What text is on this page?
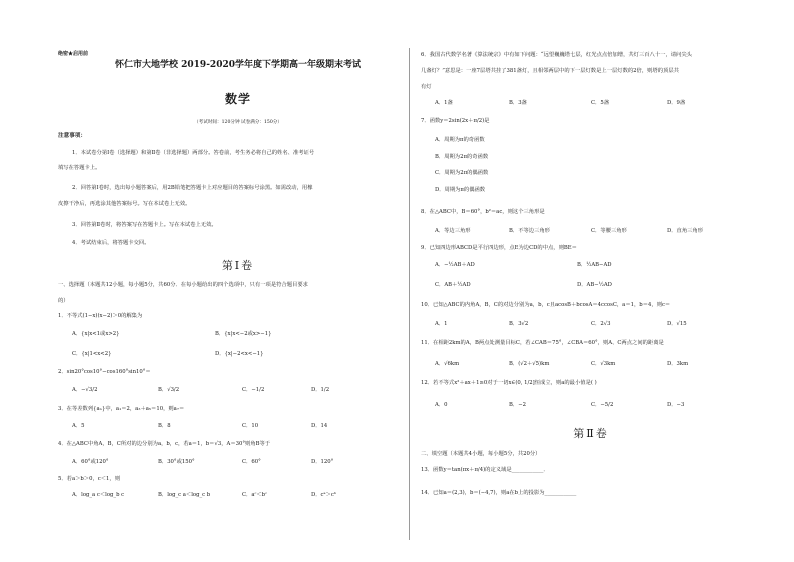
绝密★启用前
怀仁市大地学校 2019-2020学年度下学期高一年级期末考试
数学
（考试时间：120分钟 试卷满分：150分）
注意事项：
1．本试卷分第Ⅰ卷（选择题）和第Ⅱ卷（非选择题）两部分。答卷前，考生务必将自己的姓名、准考证号
填写在答题卡上。
2．回答第Ⅰ卷时，选出每小题答案后，用2B铅笔把答题卡上对应题目的答案标号涂黑。如需改动，用橡
皮擦干净后，再选涂其他答案标号。写在本试卷上无效。
3．回答第Ⅱ卷时，将答案写在答题卡上。写在本试卷上无效。
4．考试结束后，将答题卡交回。
第Ⅰ卷
一、选择题（本题共12小题，每小题5分，共60分．在每小题给出的四个选项中，只有一项是符合题目要求
的）
1．不等式(1−x)(x−2)＞0的解集为
A．{x|x<1或x>2}	B．{x|x<−2或x>−1}
C．{x|1<x<2}	D．{x|−2<x<−1}
2．sin20°cos10°−cos160°sin10°＝
A．−√3/2	B．√3/2	C．−1/2	D．1/2
3．在等差数列{aₙ}中，a₁＝2，a₃＋a₅＝10，则a₇＝
A．5	B．8	C．10	D．14
4．在△ABC中角A，B，C所对的边分别为a，b，c，若a＝1，b＝√3，A＝30°则角B等于
A．60°或120°	B．30°或150°	C．60°	D．120°
5．若a＞b＞0，c＜1，则
A．log_a c＜log_b c	B．log_c a＜log_c b	C．aᶜ＜bᶜ	D．cᵃ＞cᵇ
6．我国古代数学名著《算法统宗》中有如下问题：“远望巍巍塔七层，红光点点倍加增，共灯三百八十一，请问尖头
几盏灯？”意思是：一座7层塔共挂了381盏灯，且相邻两层中的下一层灯数是上一层灯数的2倍，则塔的顶层共
有灯
A．1盏	B．3盏	C．5盏	D．9盏
7．函数y＝2sin(2x＋π/2)是
A．周期为π的奇函数
B．周期为2π的奇函数
C．周期为2π的偶函数
D．周期为π的偶函数
8．在△ABC中，B＝60°，b²＝ac，则这个三角形是
A．等边三角形	B．不等边三角形	C．等腰三角形	D．直角三角形
9．已知四边形ABCD是平行四边形，点E为边CD的中点，则BE＝
A．−½AB＋AD	B．½AB−AD
C．AB＋½AD	D．AB−½AD
10．已知△ABC的内角A，B，C的对边分别为a，b，c且acosB＋bcosA＝4ccosC，a＝1，b＝4，则c＝
A．1	B．3√2	C．2√3	D．√15
11．在相距2km的A，B两点处测量目标C，若∠CAB＝75°，∠CBA＝60°，则A、C两点之间的距离是
A．√6km	B．(√2＋√5)km	C．√3km	D．3km
12．若不等式x²＋ax＋1≥0对于一切x∈(0, 1/2]恒成立，则a的最小值是( )
A．0	B．−2	C．−5/2	D．−3
第Ⅱ卷
二、填空题（本题共4小题，每小题5分，共20分）
13．函数y＝tan(πx＋π/4)的定义域是____________．
14．已知a＝(2,3)，b＝(−4,7)，则a在b上的投影为____________
